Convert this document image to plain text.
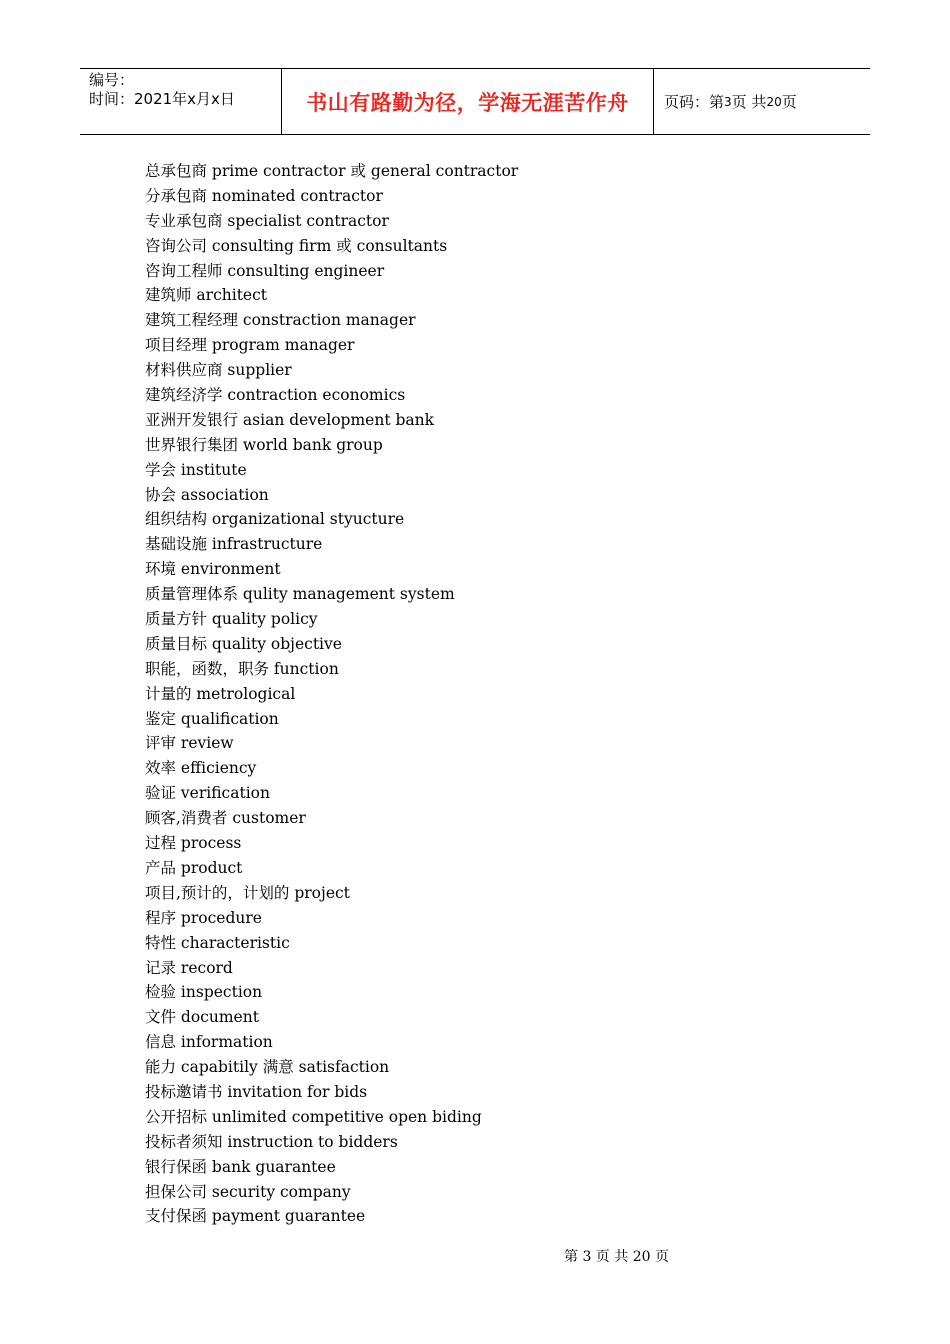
编号：
时间：2021年x月x日	书山有路勤为径，学海无涯苦作舟 页码：第 3 页 共 20 页
总承包商 prime contractor 或 general contractor
分承包商 nominated contractor
专业承包商 specialist contractor
咨询公司 consulting firm 或 consultants
咨询工程师 consulting engineer
建筑师 architect
建筑工程经理 constraction manager
项目经理 program manager
材料供应商 supplier
建筑经济学 contraction economics
亚洲开发银行 asian development bank
世界银行集团 world bank group
学会 institute
协会 association
组织结构 organizational styucture
基础设施 infrastructure
环境 environment
质量管理体系 qulity management system
质量方针 quality policy
质量目标 quality objective
职能，函数，职务 function
计量的 metrological
鉴定 qualification
评审 review
效率 efficiency
验证 verification
顾客,消费者 customer
过程 process
产品 product
项目,预计的，计划的 project
程序 procedure
特性 characteristic
记录 record
检验 inspection
文件 document
信息 information
能力 capabitily 满意 satisfaction
投标邀请书 invitation for bids
公开招标 unlimited competitive open biding
投标者须知 instruction to bidders
银行保函 bank guarantee
担保公司 security company
支付保函 payment guarantee
第 3 页 共 20 页
